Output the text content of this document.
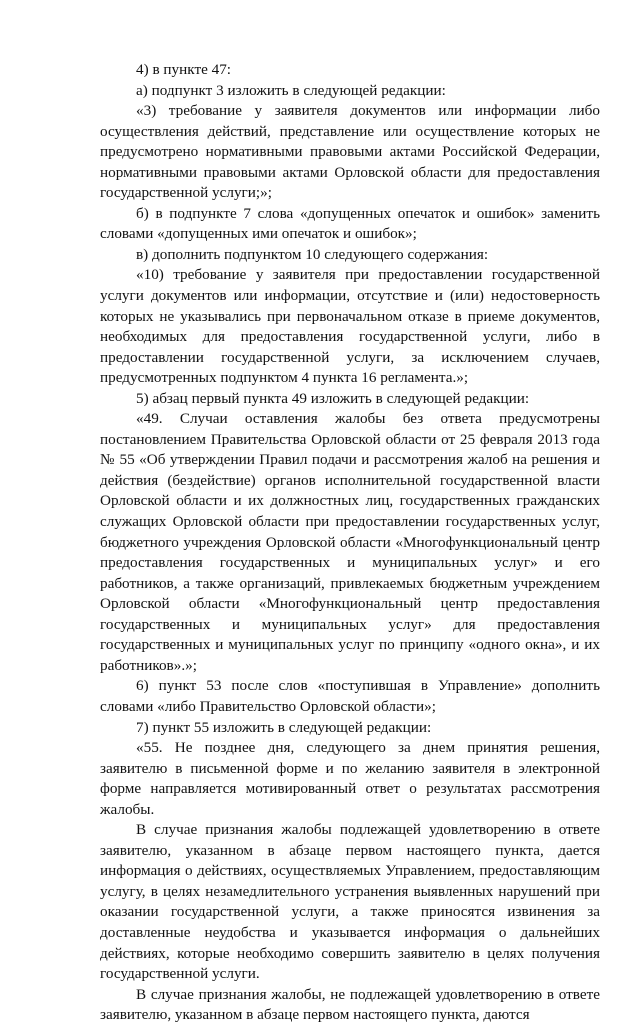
4) в пункте 47:

а) подпункт 3 изложить в следующей редакции:

«3) требование у заявителя документов или информации либо осуществления действий, представление или осуществление которых не предусмотрено нормативными правовыми актами Российской Федерации, нормативными правовыми актами Орловской области для предоставления государственной услуги;»;

б) в подпункте 7 слова «допущенных опечаток и ошибок» заменить словами «допущенных ими опечаток и ошибок»;

в) дополнить подпунктом 10 следующего содержания:

«10) требование у заявителя при предоставлении государственной услуги документов или информации, отсутствие и (или) недостоверность которых не указывались при первоначальном отказе в приеме документов, необходимых для предоставления государственной услуги, либо в предоставлении государственной услуги, за исключением случаев, предусмотренных подпунктом 4 пункта 16 регламента.»;

5) абзац первый пункта 49 изложить в следующей редакции:

«49. Случаи оставления жалобы без ответа предусмотрены постановлением Правительства Орловской области от 25 февраля 2013 года № 55 «Об утверждении Правил подачи и рассмотрения жалоб на решения и действия (бездействие) органов исполнительной государственной власти Орловской области и их должностных лиц, государственных гражданских служащих Орловской области при предоставлении государственных услуг, бюджетного учреждения Орловской области «Многофункциональный центр предоставления государственных и муниципальных услуг» и его работников, а также организаций, привлекаемых бюджетным учреждением Орловской области «Многофункциональный центр предоставления государственных и муниципальных услуг» для предоставления государственных и муниципальных услуг по принципу «одного окна», и их работников».»;

6) пункт 53 после слов «поступившая в Управление» дополнить словами «либо Правительство Орловской области»;

7) пункт 55 изложить в следующей редакции:

«55. Не позднее дня, следующего за днем принятия решения, заявителю в письменной форме и по желанию заявителя в электронной форме направляется мотивированный ответ о результатах рассмотрения жалобы.

В случае признания жалобы подлежащей удовлетворению в ответе заявителю, указанном в абзаце первом настоящего пункта, дается информация о действиях, осуществляемых Управлением, предоставляющим услугу, в целях незамедлительного устранения выявленных нарушений при оказании государственной услуги, а также приносятся извинения за доставленные неудобства и указывается информация о дальнейших действиях, которые необходимо совершить заявителю в целях получения государственной услуги.

В случае признания жалобы, не подлежащей удовлетворению в ответе заявителю, указанном в абзаце первом настоящего пункта, даются
